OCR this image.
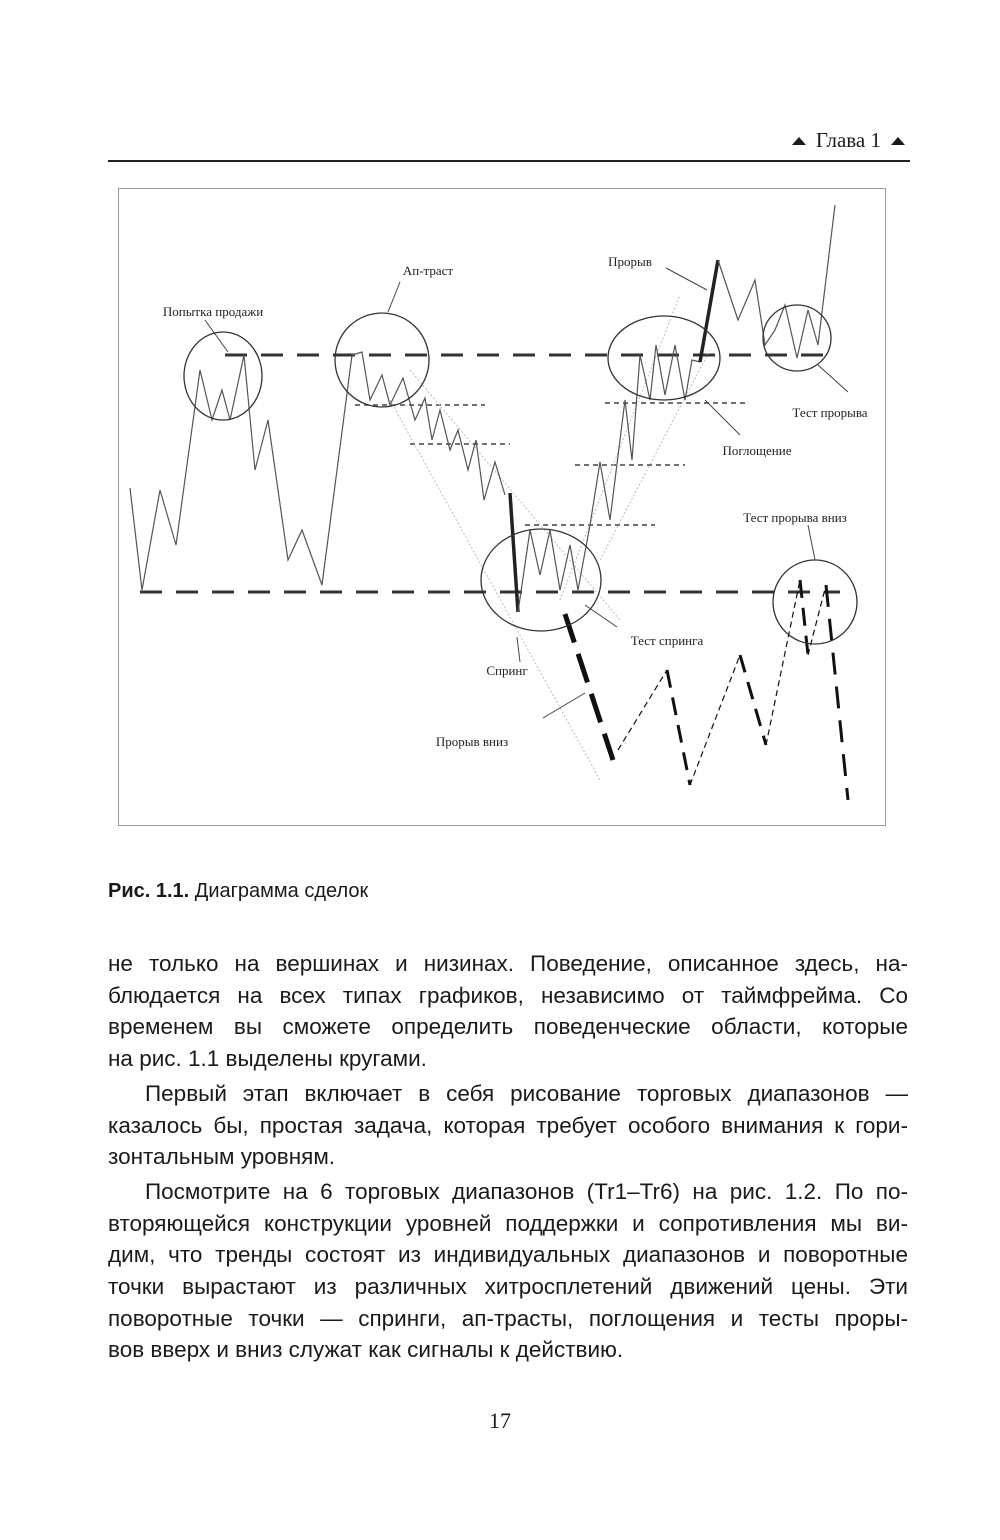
Глава 1
Попытка продажи
Ап-траст
Прорыв
Тест прорыва
Поглощение
Тест прорыва вниз
Тест спринга
Спринг
Прорыв вниз
Рис. 1.1. Диаграмма сделок
не только на вершинах и низинах. Поведение, описанное здесь, на-
блюдается на всех типах графиков, независимо от таймфрейма. Со
временем вы сможете определить поведенческие области, которые
на рис. 1.1 выделены кругами.
Первый этап включает в себя рисование торговых диапазонов —
казалось бы, простая задача, которая требует особого внимания к гори-
зонтальным уровням.
Посмотрите на 6 торговых диапазонов (Tr1–Tr6) на рис. 1.2. По по-
вторяющейся конструкции уровней поддержки и сопротивления мы ви-
дим, что тренды состоят из индивидуальных диапазонов и поворотные
точки вырастают из различных хитросплетений движений цены. Эти
поворотные точки — спринги, ап-трасты, поглощения и тесты проры-
вов вверх и вниз служат как сигналы к действию.
17
